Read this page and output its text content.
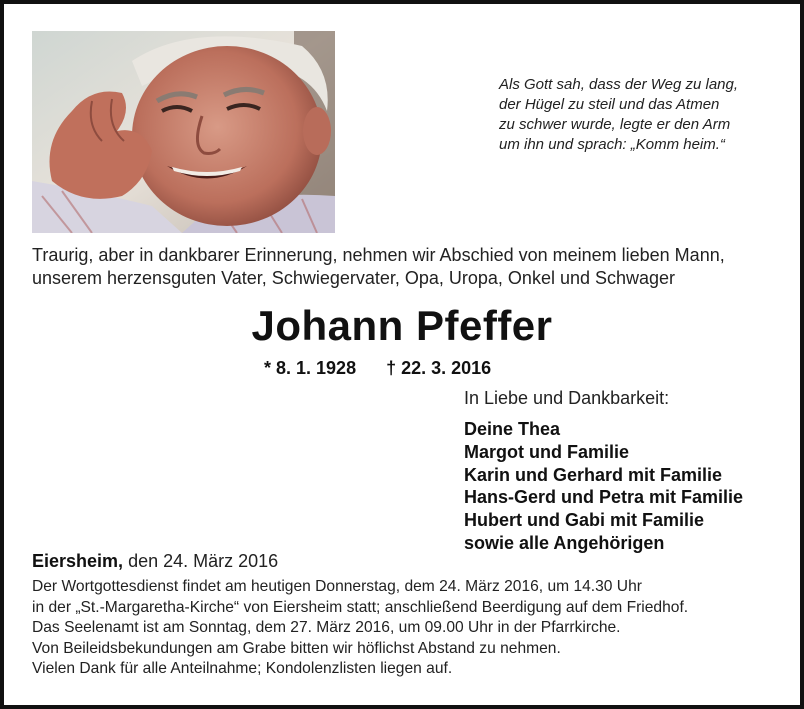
Als Gott sah, dass der Weg zu lang,
der Hügel zu steil und das Atmen
zu schwer wurde, legte er den Arm
um ihn und sprach: „Komm heim.“
Traurig, aber in dankbarer Erinnerung, nehmen wir Abschied von meinem lieben Mann,
unserem herzensguten Vater, Schwiegervater, Opa, Uropa, Onkel und Schwager
Johann Pfeffer
* 8. 1. 1928 † 22. 3. 2016
In Liebe und Dankbarkeit:
Deine Thea
Margot und Familie
Karin und Gerhard mit Familie
Hans-Gerd und Petra mit Familie
Hubert und Gabi mit Familie
sowie alle Angehörigen
Eiersheim, den 24. März 2016
Der Wortgottesdienst findet am heutigen Donnerstag, dem 24. März 2016, um 14.30 Uhr
in der „St.-Margaretha-Kirche“ von Eiersheim statt; anschließend Beerdigung auf dem Friedhof.
Das Seelenamt ist am Sonntag, dem 27. März 2016, um 09.00 Uhr in der Pfarrkirche.
Von Beileidsbekundungen am Grabe bitten wir höflichst Abstand zu nehmen.
Vielen Dank für alle Anteilnahme; Kondolenzlisten liegen auf.
